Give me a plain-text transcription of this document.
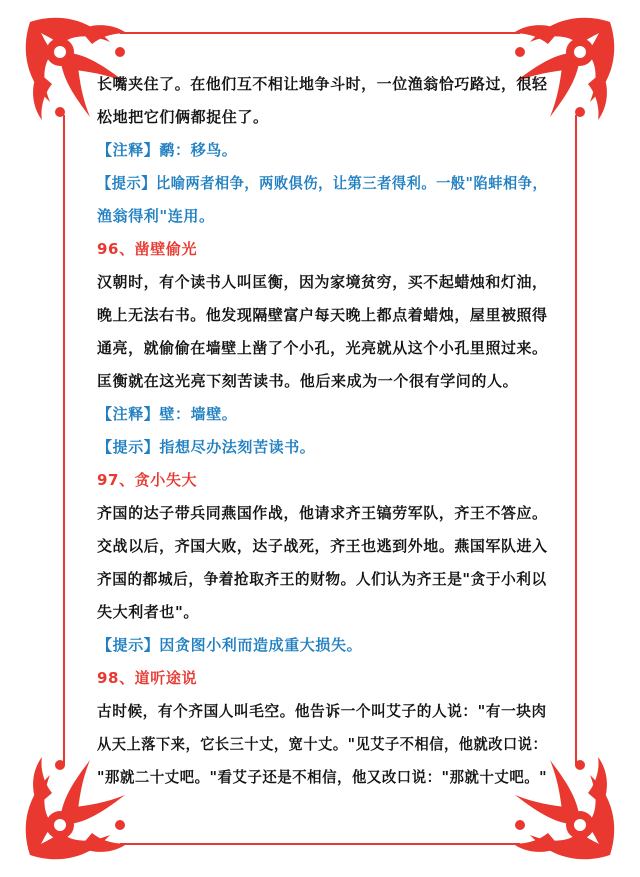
长嘴夹住了。在他们互不相让地争斗时，一位渔翁恰巧路过，很轻
松地把它们俩都捉住了。
【注释】鹬：移鸟。
【提示】比喻两者相争，两败俱伤，让第三者得利。一般"陷蚌相争，
渔翁得利"连用。
96、凿壁偷光
汉朝时，有个读书人叫匡衡，因为家境贫穷，买不起蜡烛和灯油，
晚上无法右书。他发现隔壁富户每天晚上都点着蜡烛，屋里被照得
通亮，就偷偷在墙壁上凿了个小孔，光亮就从这个小孔里照过来。
匡衡就在这光亮下刻苦读书。他后来成为一个很有学问的人。
【注释】壁：墙壁。
【提示】指想尽办法刻苦读书。
97、贪小失大
齐国的达子带兵同燕国作战，他请求齐王镐劳军队，齐王不答应。
交战以后，齐国大败，达子战死，齐王也逃到外地。燕国军队进入
齐国的都城后，争着抢取齐王的财物。人们认为齐王是"贪于小利以
失大利者也"。
【提示】因贪图小利而造成重大损失。
98、道听途说
古时候，有个齐国人叫毛空。他告诉一个叫艾子的人说："有一块肉
从天上落下来，它长三十丈，宽十丈。"见艾子不相信，他就改口说：
"那就二十丈吧。"看艾子还是不相信，他又改口说："那就十丈吧。"
